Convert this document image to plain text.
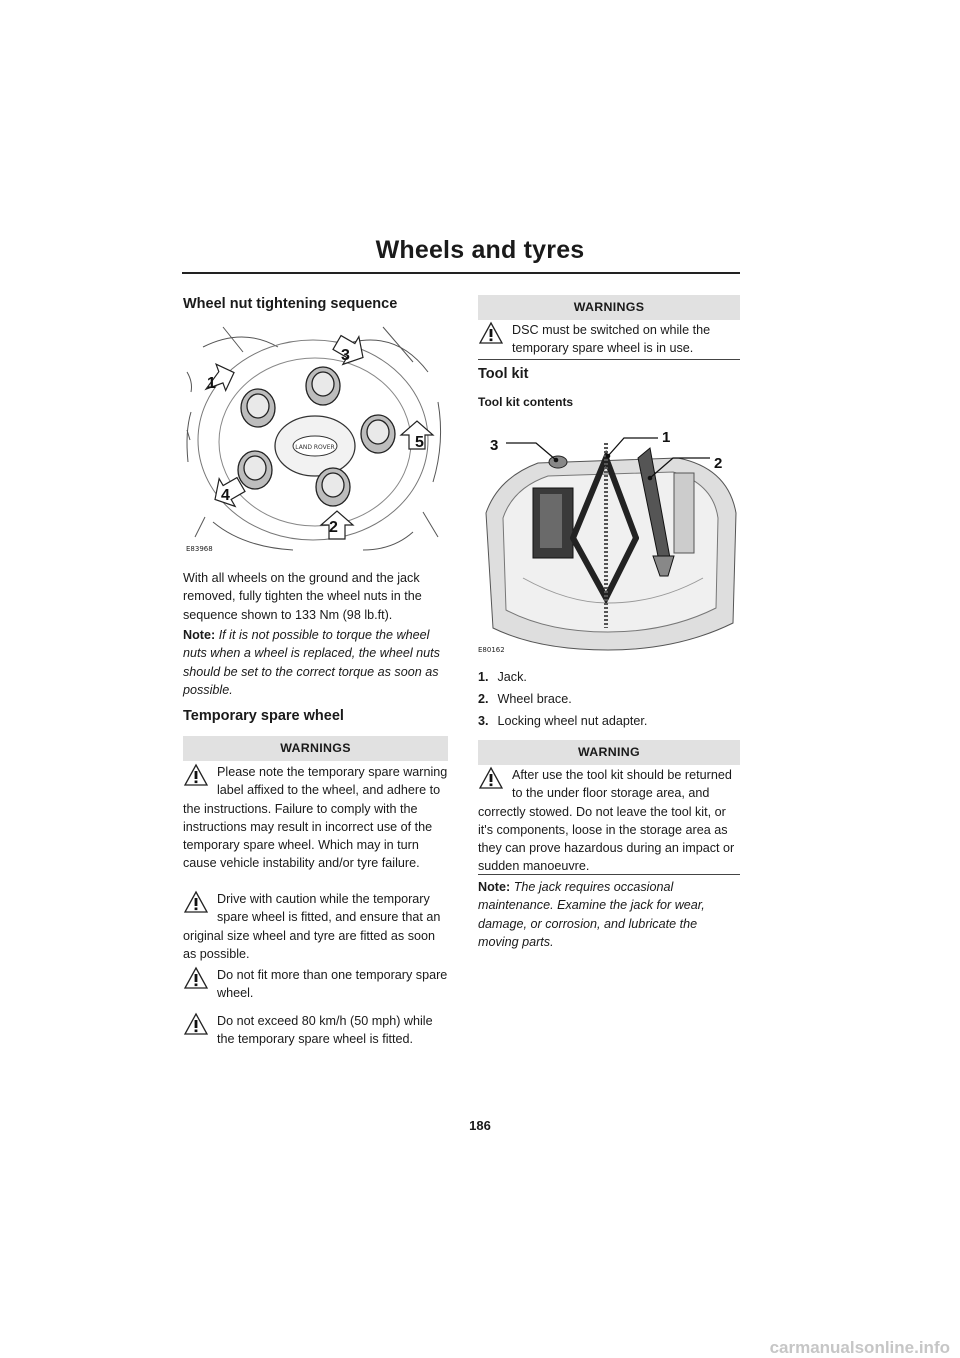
Wheels and tyres
Wheel nut tightening sequence
LAND ROVER
1
2
3
4
5
E83968

With all wheels on the ground and the jack removed, fully tighten the wheel nuts in the sequence shown to 133 Nm (98 lb.ft).

Note: If it is not possible to torque the wheel nuts when a wheel is replaced, the wheel nuts should be set to the correct torque as soon as possible.

Temporary spare wheel
WARNINGS
Please note the temporary spare warning label affixed to the wheel, and adhere to the instructions. Failure to comply with the instructions may result in incorrect use of the temporary spare wheel. Which may in turn cause vehicle instability and/or tyre failure.
Drive with caution while the temporary spare wheel is fitted, and ensure that an original size wheel and tyre are fitted as soon as possible.
Do not fit more than one temporary spare wheel.
Do not exceed 80 km/h (50 mph) while the temporary spare wheel is fitted.
WARNINGS
DSC must be switched on while the temporary spare wheel is in use.
Tool kit
Tool kit contents
1
2
3
E80162
1. Jack.
2. Wheel brace.
3. Locking wheel nut adapter.
WARNING
After use the tool kit should be returned to the under floor storage area, and correctly stowed. Do not leave the tool kit, or it's components, loose in the storage area as they can prove hazardous during an impact or sudden manoeuvre.

Note: The jack requires occasional maintenance. Examine the jack for wear, damage, or corrosion, and lubricate the moving parts.

186
carmanualsonline.info
